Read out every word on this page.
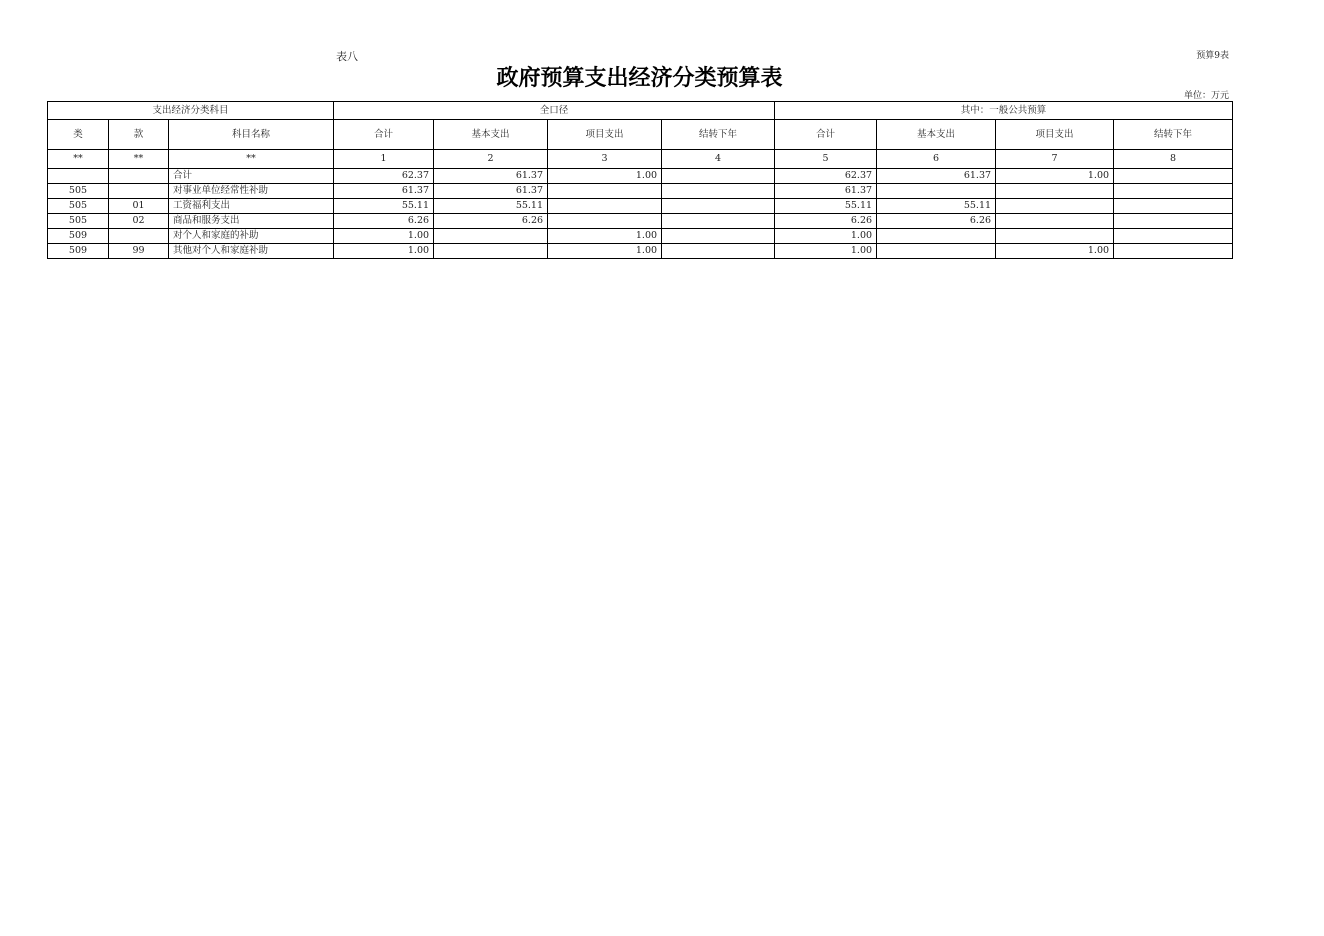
表八	预算9表
政府预算支出经济分类预算表
单位：万元
支出经济分类科目			全口径				其中：一般公共预算			
类	款	科目名称	合计	基本支出	项目支出	结转下年	合计	基本支出	项目支出	结转下年
**	**	**	1	2	3	4	5	6	7	8
		合计	62.37	61.37	1.00		62.37	61.37	1.00	
505		对事业单位经常性补助	61.37	61.37			61.37			
505	01	工资福利支出	55.11	55.11			55.11	55.11		
505	02	商品和服务支出	6.26	6.26			6.26	6.26		
509		对个人和家庭的补助	1.00		1.00		1.00			
509	99	其他对个人和家庭补助	1.00		1.00		1.00		1.00	
